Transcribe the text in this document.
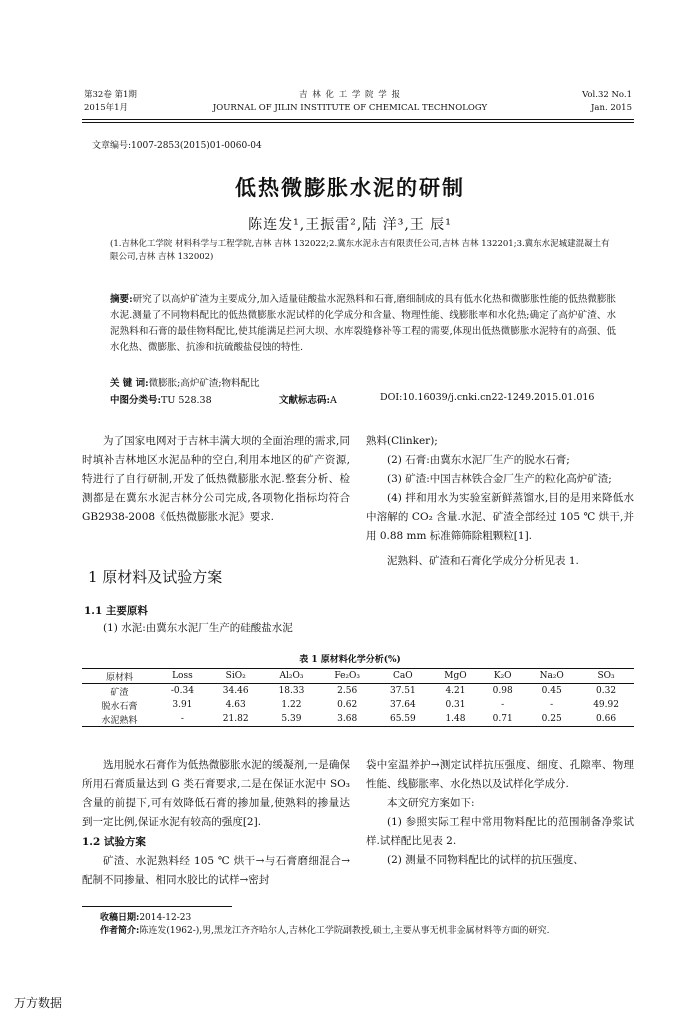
第32卷 第1期
2015年1月
吉 林 化 工 学 院 学 报
JOURNAL OF JILIN INSTITUTE OF CHEMICAL TECHNOLOGY
Vol.32 No.1
Jan. 2015
文章编号:1007-2853(2015)01-0060-04
低热微膨胀水泥的研制
陈连发¹,王振雷²,陆 洋³,王 辰¹
(1.吉林化工学院 材料科学与工程学院,吉林 吉林 132022;2.冀东水泥永吉有限责任公司,吉林 吉林 132201;3.冀东水泥城建混凝土有限公司,吉林 吉林 132002)
摘要:研究了以高炉矿渣为主要成分,加入适量硅酸盐水泥熟料和石膏,磨细制成的具有低水化热和微膨胀性能的低热微膨胀水泥.测量了不同物料配比的低热微膨胀水泥试样的化学成分和含量、物理性能、线膨胀率和水化热;确定了高炉矿渣、水泥熟料和石膏的最佳物料配比,使其能满足拦河大坝、水库裂缝修补等工程的需要,体现出低热微膨胀水泥特有的高强、低水化热、微膨胀、抗渗和抗硫酸盐侵蚀的特性.
关 键 词:微膨胀;高炉矿渣;物料配比
中图分类号:TU 528.38	文献标志码:A	DOI:10.16039/j.cnki.cn22-1249.2015.01.016

为了国家电网对于吉林丰满大坝的全面治理的需求,同时填补吉林地区水泥品种的空白,利用本地区的矿产资源,特进行了自行研制,开发了低热微膨胀水泥.整套分析、检测都是在冀东水泥吉林分公司完成,各项物化指标均符合 GB2938-2008《低热微膨胀水泥》要求.

1 原材料及试验方案
1.1 主要原料
(1) 水泥:由冀东水泥厂生产的硅酸盐水泥

熟料(Clinker);

(2) 石膏:由冀东水泥厂生产的脱水石膏;

(3) 矿渣:中国吉林铁合金厂生产的粒化高炉矿渣;

(4) 拌和用水为实验室新鲜蒸馏水,目的是用来降低水中溶解的 CO₂ 含量.水泥、矿渣全部经过 105 ℃ 烘干,并用 0.88 mm 标准筛筛除粗颗粒[1].

泥熟料、矿渣和石膏化学成分分析见表 1.

表 1 原材料化学分析(%)
原材料	Loss	SiO₂	Al₂O₃	Fe₂O₃	CaO	MgO	K₂O	Na₂O	SO₃
矿渣	-0.34	34.46	18.33	2.56	37.51	4.21	0.98	0.45	0.32
脱水石膏	3.91	4.63	1.22	0.62	37.64	0.31	-	-	49.92
水泥熟料	-	21.82	5.39	3.68	65.59	1.48	0.71	0.25	0.66

选用脱水石膏作为低热微膨胀水泥的缓凝剂,一是确保所用石膏质量达到 G 类石膏要求,二是在保证水泥中 SO₃ 含量的前提下,可有效降低石膏的掺加量,使熟料的掺量达到一定比例,保证水泥有较高的强度[2].

1.2 试验方案

矿渣、水泥熟料经 105 ℃ 烘干→与石膏磨细混合→配制不同掺量、相同水胶比的试样→密封

袋中室温养护→测定试样抗压强度、细度、孔隙率、物理性能、线膨胀率、水化热以及试样化学成分.

本文研究方案如下:

(1) 参照实际工程中常用物料配比的范围制备净浆试样.试样配比见表 2.

(2) 测量不同物料配比的试样的抗压强度、

收稿日期:2014-12-23
作者简介:陈连发(1962-),男,黑龙江齐齐哈尔人,吉林化工学院副教授,硕士,主要从事无机非金属材料等方面的研究.
万方数据
